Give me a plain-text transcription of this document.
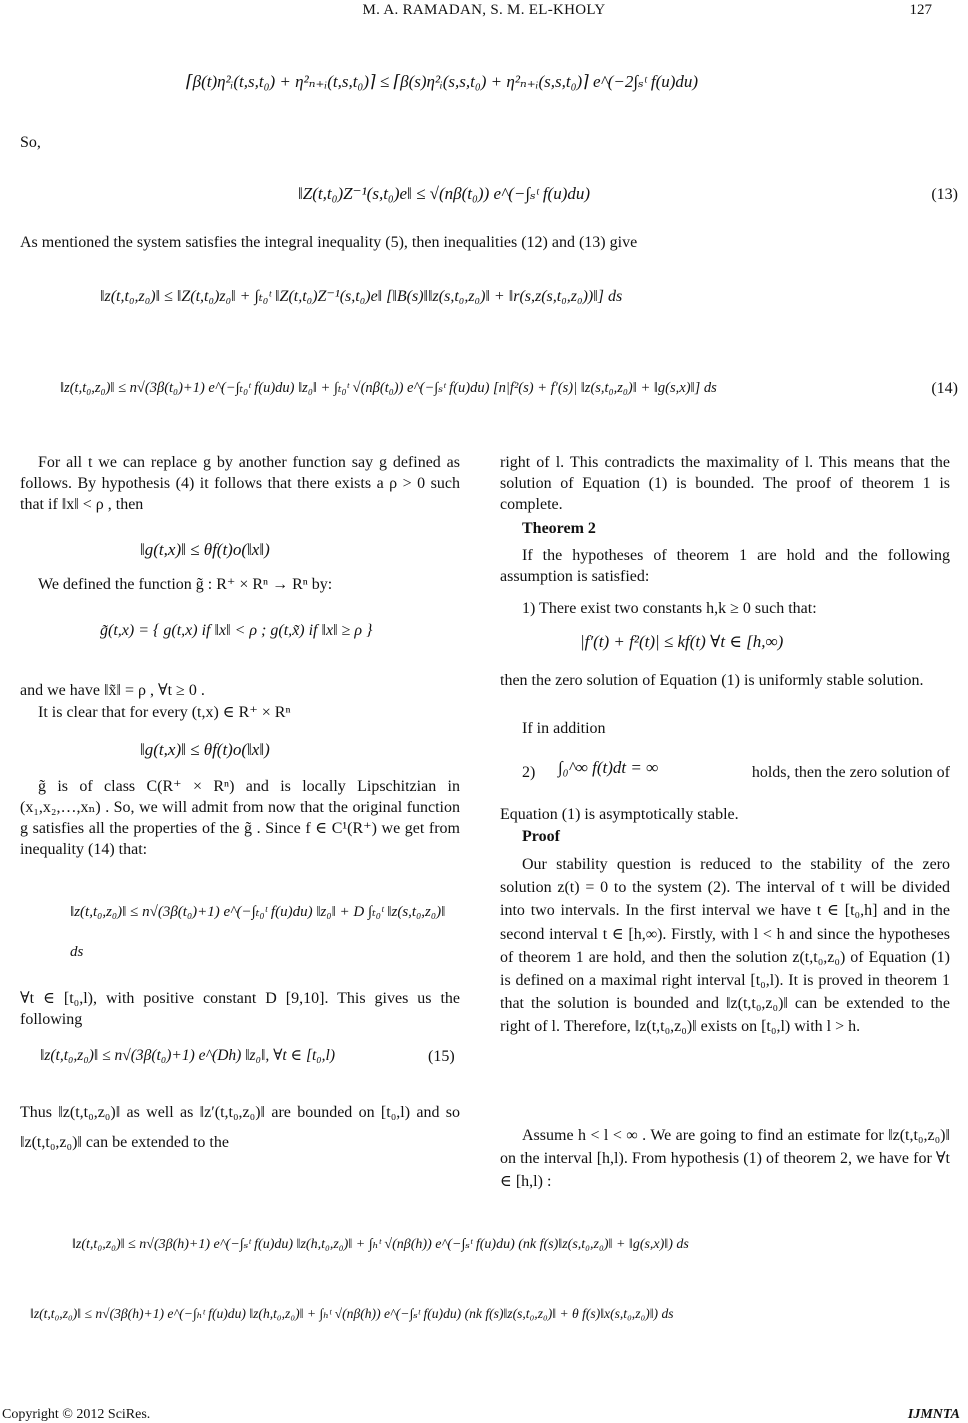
M. A. RAMADAN, S. M. EL-KHOLY	127
⌈β(t)η²ᵢ(t,s,t₀) + η²ₙ₊ᵢ(t,s,t₀)⌉ ≤ ⌈β(s)η²ᵢ(s,s,t₀) + η²ₙ₊ᵢ(s,s,t₀)⌉ e^(−2∫ₛᵗ f(u)du)
So,
‖Z(t,t₀)Z⁻¹(s,t₀)e‖ ≤ √(nβ(t₀)) e^(−∫ₛᵗ f(u)du)	(13)
As mentioned the system satisfies the integral inequality (5), then inequalities (12) and (13) give
‖z(t,t₀,z₀)‖ ≤ ‖Z(t,t₀)z₀‖ + ∫ₜ₀ᵗ ‖Z(t,t₀)Z⁻¹(s,t₀)e‖ [‖B(s)‖‖z(s,t₀,z₀)‖ + ‖r(s,z(s,t₀,z₀))‖] ds
‖z(t,t₀,z₀)‖ ≤ n√(3β(t₀)+1) e^(−∫ₜ₀ᵗ f(u)du) ‖z₀‖ + ∫ₜ₀ᵗ √(nβ(t₀)) e^(−∫ₛᵗ f(u)du) [n|f²(s) + f′(s)| ‖z(s,t₀,z₀)‖ + ‖g(s,x)‖] ds	(14)
For all t we can replace g by another function say g defined as follows. By hypothesis (4) it follows that there exists a ρ > 0 such that if ‖x‖ < ρ , then
‖g(t,x)‖ ≤ θf(t)o(‖x‖)
We defined the function g̃ : R⁺ × Rⁿ → Rⁿ by:
g̃(t,x) = { g(t,x) if ‖x‖ < ρ ; g(t,x̃) if ‖x‖ ≥ ρ }
and we have ‖x̃‖ = ρ , ∀t ≥ 0 .
It is clear that for every (t,x) ∈ R⁺ × Rⁿ
‖g(t,x)‖ ≤ θf(t)o(‖x‖)
g̃ is of class C(R⁺ × Rⁿ) and is locally Lipschitzian in (x₁,x₂,…,xₙ) . So, we will admit from now that the original function g satisfies all the properties of the g̃ . Since f ∈ C¹(R⁺) we get from inequality (14) that:
‖z(t,t₀,z₀)‖ ≤ n√(3β(t₀)+1) e^(−∫ₜ₀ᵗ f(u)du) ‖z₀‖ + D ∫ₜ₀ᵗ ‖z(s,t₀,z₀)‖ ds
∀t ∈ [t₀,l), with positive constant D [9,10]. This gives us the following
‖z(t,t₀,z₀)‖ ≤ n√(3β(t₀)+1) e^(Dh) ‖z₀‖, ∀t ∈ [t₀,l)	(15)
Thus ‖z(t,t₀,z₀)‖ as well as ‖z′(t,t₀,z₀)‖ are bounded on [t₀,l) and so ‖z(t,t₀,z₀)‖ can be extended to the
right of l. This contradicts the maximality of l. This means that the solution of Equation (1) is bounded. The proof of theorem 1 is complete.
Theorem 2
If the hypotheses of theorem 1 are hold and the following assumption is satisfied:
1) There exist two constants h,k ≥ 0 such that:
|f′(t) + f²(t)| ≤ kf(t) ∀t ∈ [h,∞)
then the zero solution of Equation (1) is uniformly stable solution.
If in addition
2) ∫₀^∞ f(t)dt = ∞	holds, then the zero solution of
Equation (1) is asymptotically stable.
Proof
Our stability question is reduced to the stability of the zero solution z(t) = 0 to the system (2). The interval of t will be divided into two intervals. In the first interval we have t ∈ [t₀,h] and in the second interval t ∈ [h,∞). Firstly, with l < h and since the hypotheses of theorem 1 are hold, and then the solution z(t,t₀,z₀) of Equation (1) is defined on a maximal right interval [t₀,l). It is proved in theorem 1 that the solution is bounded and ‖z(t,t₀,z₀)‖ can be extended to the right of l. Therefore, ‖z(t,t₀,z₀)‖ exists on [t₀,l) with l > h.
Assume h < l < ∞ . We are going to find an estimate for ‖z(t,t₀,z₀)‖ on the interval [h,l). From hypothesis (1) of theorem 2, we have for ∀t ∈ [h,l) :
‖z(t,t₀,z₀)‖ ≤ n√(3β(h)+1) e^(−∫ₛᵗ f(u)du) ‖z(h,t₀,z₀)‖ + ∫ₕᵗ √(nβ(h)) e^(−∫ₛᵗ f(u)du) (nk f(s)‖z(s,t₀,z₀)‖ + ‖g(s,x)‖) ds
‖z(t,t₀,z₀)‖ ≤ n√(3β(h)+1) e^(−∫ₕᵗ f(u)du) ‖z(h,t₀,z₀)‖ + ∫ₕᵗ √(nβ(h)) e^(−∫ₛᵗ f(u)du) (nk f(s)‖z(s,t₀,z₀)‖ + θ f(s)‖x(s,t₀,z₀)‖) ds
Copyright © 2012 SciRes.	IJMNTA
